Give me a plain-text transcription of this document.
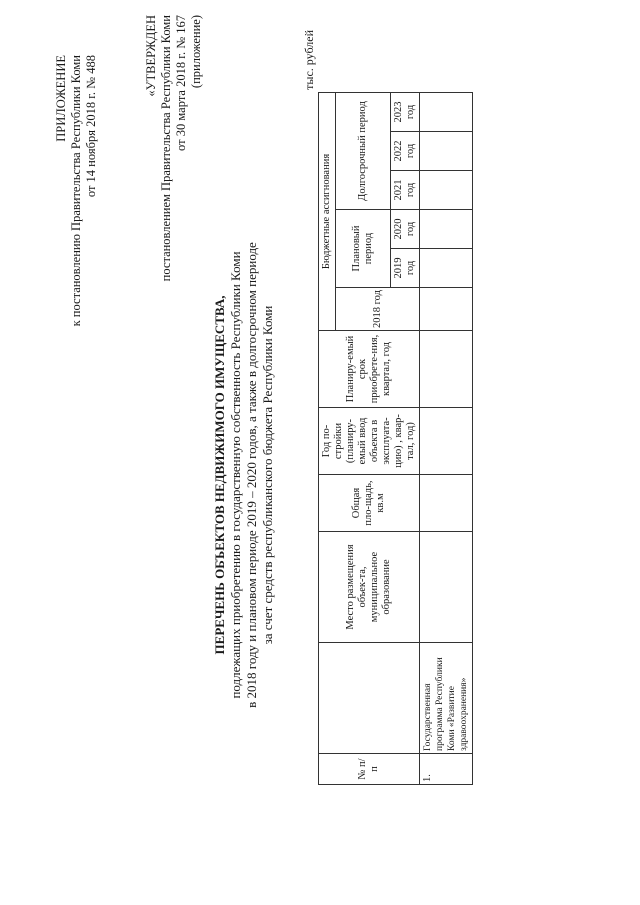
ПРИЛОЖЕНИЕ к постановлению Правительства Республики Коми от 14 ноября 2018 г. № 488	«УТВЕРЖДЕН постановлением Правительства Республики Коми от 30 марта 2018 г. № 167 (приложение)
ПЕРЕЧЕНЬ ОБЪЕКТОВ НЕДВИЖИМОГО ИМУЩЕСТВА, подлежащих приобретению в государственную собственность Республики Коми в 2018 году и плановом периоде 2019 – 2020 годов, а также в долгосрочном периоде за счет средств республиканского бюджета Республики Коми
тыс. рублей
№ п/п		Место размещения объек-та, муниципальное образование	Общая пло-щадь, кв.м	Год по-стройки (планиру-емый ввод объекта в эксплуата-цию) , квар-тал, год)	Планиру-емый срок приобрете-ния, квартал, год	Бюджетные ассигнования					
						2018 год	Плановый период		Долгосрочный период		
							2019 год	2020 год	2021 год	2022 год	2023 год
1.	Государственная программа Республики Коми «Развитие здравоохранения»										
